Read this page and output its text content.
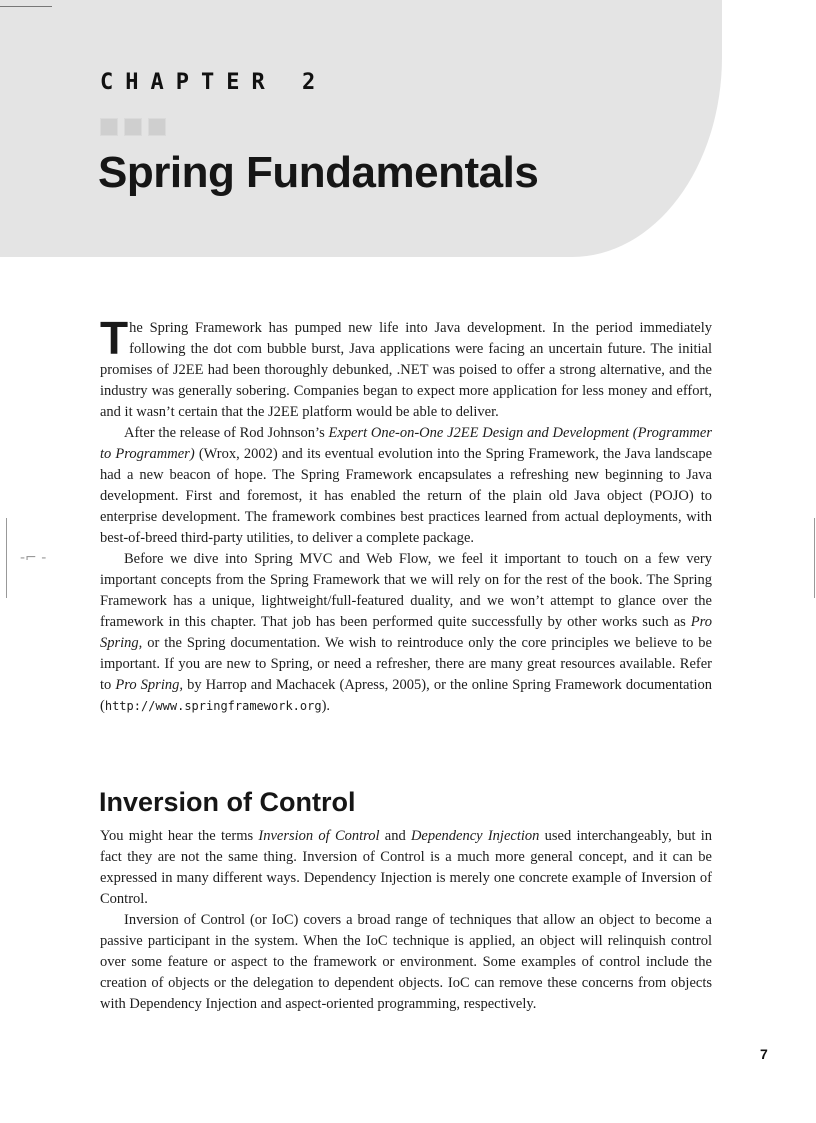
-⌐ -
CHAPTER 2
Spring Fundamentals

The Spring Framework has pumped new life into Java development. In the period immediately following the dot com bubble burst, Java applications were facing an uncertain future. The initial promises of J2EE had been thoroughly debunked, .NET was poised to offer a strong alternative, and the industry was generally sobering. Companies began to expect more application for less money and effort, and it wasn’t certain that the J2EE platform would be able to deliver.

After the release of Rod Johnson’s Expert One-on-One J2EE Design and Development (Programmer to Programmer) (Wrox, 2002) and its eventual evolution into the Spring Framework, the Java landscape had a new beacon of hope. The Spring Framework encapsulates a refreshing new beginning to Java development. First and foremost, it has enabled the return of the plain old Java object (POJO) to enterprise development. The framework combines best practices learned from actual deployments, with best-of-breed third-party utilities, to deliver a complete package.

Before we dive into Spring MVC and Web Flow, we feel it important to touch on a few very important concepts from the Spring Framework that we will rely on for the rest of the book. The Spring Framework has a unique, lightweight/full-featured duality, and we won’t attempt to glance over the framework in this chapter. That job has been performed quite successfully by other works such as Pro Spring, or the Spring documentation. We wish to reintroduce only the core principles we believe to be important. If you are new to Spring, or need a refresher, there are many great resources available. Refer to Pro Spring, by Harrop and Machacek (Apress, 2005), or the online Spring Framework documentation (http://www.springframework.org).

Inversion of Control

You might hear the terms Inversion of Control and Dependency Injection used interchangeably, but in fact they are not the same thing. Inversion of Control is a much more general concept, and it can be expressed in many different ways. Dependency Injection is merely one concrete example of Inversion of Control.

Inversion of Control (or IoC) covers a broad range of techniques that allow an object to become a passive participant in the system. When the IoC technique is applied, an object will relinquish control over some feature or aspect to the framework or environment. Some examples of control include the creation of objects or the delegation to dependent objects. IoC can remove these concerns from objects with Dependency Injection and aspect-oriented programming, respectively.

7
